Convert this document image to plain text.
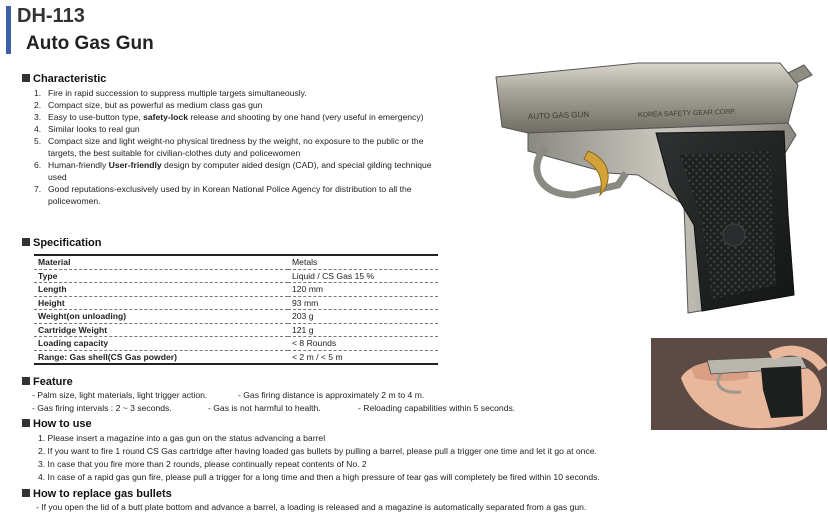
DH-113
Auto Gas Gun
Characteristic
1. Fire in rapid succession to suppress multiple targets simultaneously.
2. Compact size, but as powerful as medium class gas gun
3. Easy to use-button type, safety-lock release and shooting by one hand (very useful in emergency)
4. Similar looks to real gun
5. Compact size and light weight-no physical tiredness by the weight, no exposure to the public or the
targets, the best suitable for civilian-clothes duty and policewomen
6. Human-friendly User-friendly design by computer aided design (CAD), and special gilding technique
used
7. Good reputations-exclusively used by in Korean National Police Agency for distribution to all the
policewomen.
Specification
Material	Metals
Type	Liquid / CS Gas 15 %
Length	120 mm
Height	93 mm
Weight(on unloading)	203 g
Cartridge Weight	121 g
Loading capacity	< 8 Rounds
Range: Gas shell(CS Gas powder)	< 2 m / < 5 m
Feature
- Palm size, light materials, light trigger action.	- Gas firing distance is approximately 2 m to 4 m.
- Gas firing intervals : 2 ~ 3 seconds.	- Gas is not harmful to health.	- Reloading capabilities within 5 seconds.
How to use
1. Please insert a magazine into a gas gun on the status advancing a barrel
2. If you want to fire 1 round CS Gas cartridge after having loaded gas bullets by pulling a barrel, please pull a trigger one time and let it go at once.
3. In case that you fire more than 2 rounds, please continually repeat contents of No. 2
4. In case of a rapid gas gun fire, please pull a trigger for a long time and then a high pressure of tear gas will completely be fired within 10 seconds.
How to replace gas bullets
- If you open the lid of a butt plate bottom and advance a barrel, a loading is released and a magazine is automatically separated from a gas gun.
AUTO GAS GUN	KOREA SAFETY GEAR CORP.
